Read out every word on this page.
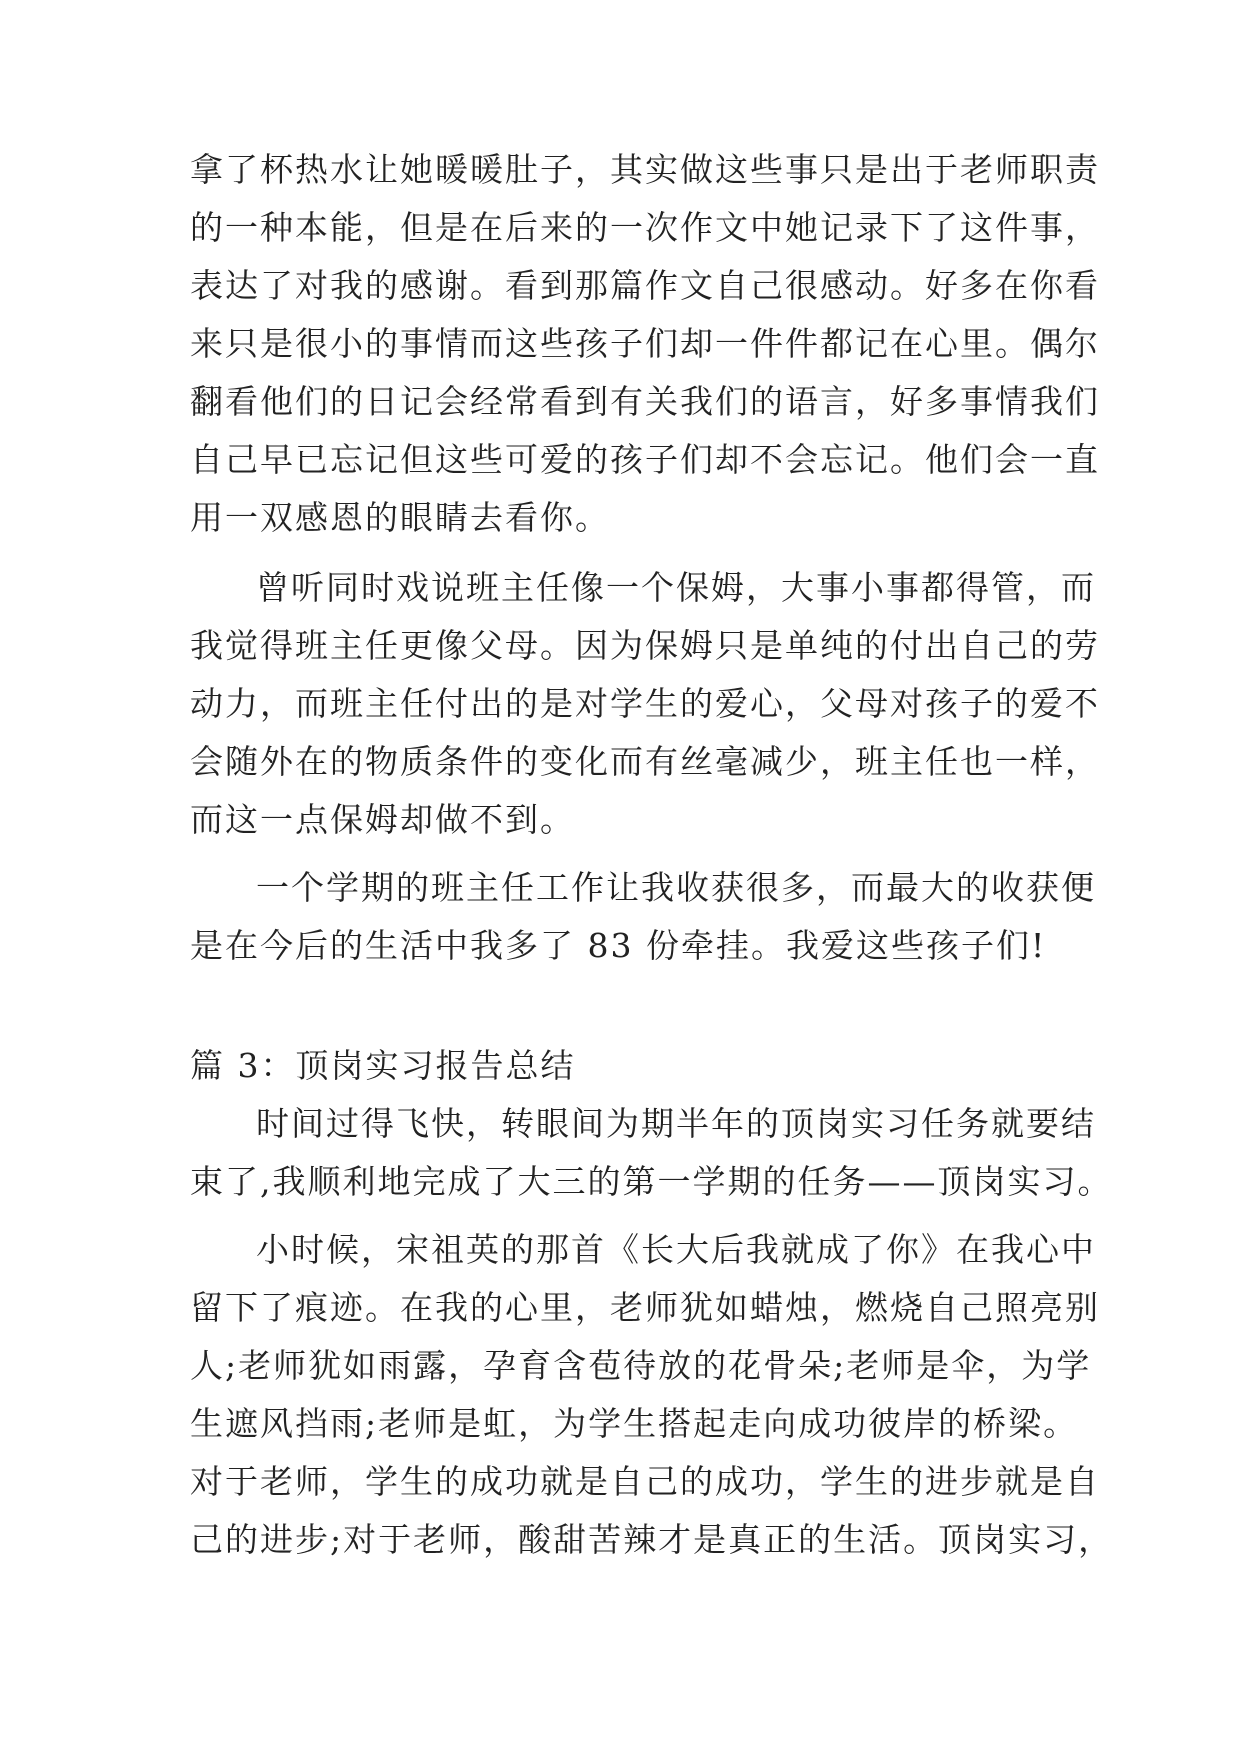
拿了杯热水让她暖暖肚子，其实做这些事只是出于老师职责
的一种本能，但是在后来的一次作文中她记录下了这件事，
表达了对我的感谢。看到那篇作文自己很感动。好多在你看
来只是很小的事情而这些孩子们却一件件都记在心里。偶尔
翻看他们的日记会经常看到有关我们的语言，好多事情我们
自己早已忘记但这些可爱的孩子们却不会忘记。他们会一直
用一双感恩的眼睛去看你。
曾听同时戏说班主任像一个保姆，大事小事都得管，而
我觉得班主任更像父母。因为保姆只是单纯的付出自己的劳
动力，而班主任付出的是对学生的爱心，父母对孩子的爱不
会随外在的物质条件的变化而有丝毫减少，班主任也一样，
而这一点保姆却做不到。
一个学期的班主任工作让我收获很多，而最大的收获便
是在今后的生活中我多了 83 份牵挂。我爱这些孩子们!
篇 3：顶岗实习报告总结
时间过得飞快，转眼间为期半年的顶岗实习任务就要结
束了,我顺利地完成了大三的第一学期的任务——顶岗实习。
小时候，宋祖英的那首《长大后我就成了你》在我心中
留下了痕迹。在我的心里，老师犹如蜡烛，燃烧自己照亮别
人;老师犹如雨露，孕育含苞待放的花骨朵;老师是伞，为学
生遮风挡雨;老师是虹，为学生搭起走向成功彼岸的桥梁。
对于老师，学生的成功就是自己的成功，学生的进步就是自
己的进步;对于老师，酸甜苦辣才是真正的生活。顶岗实习，
